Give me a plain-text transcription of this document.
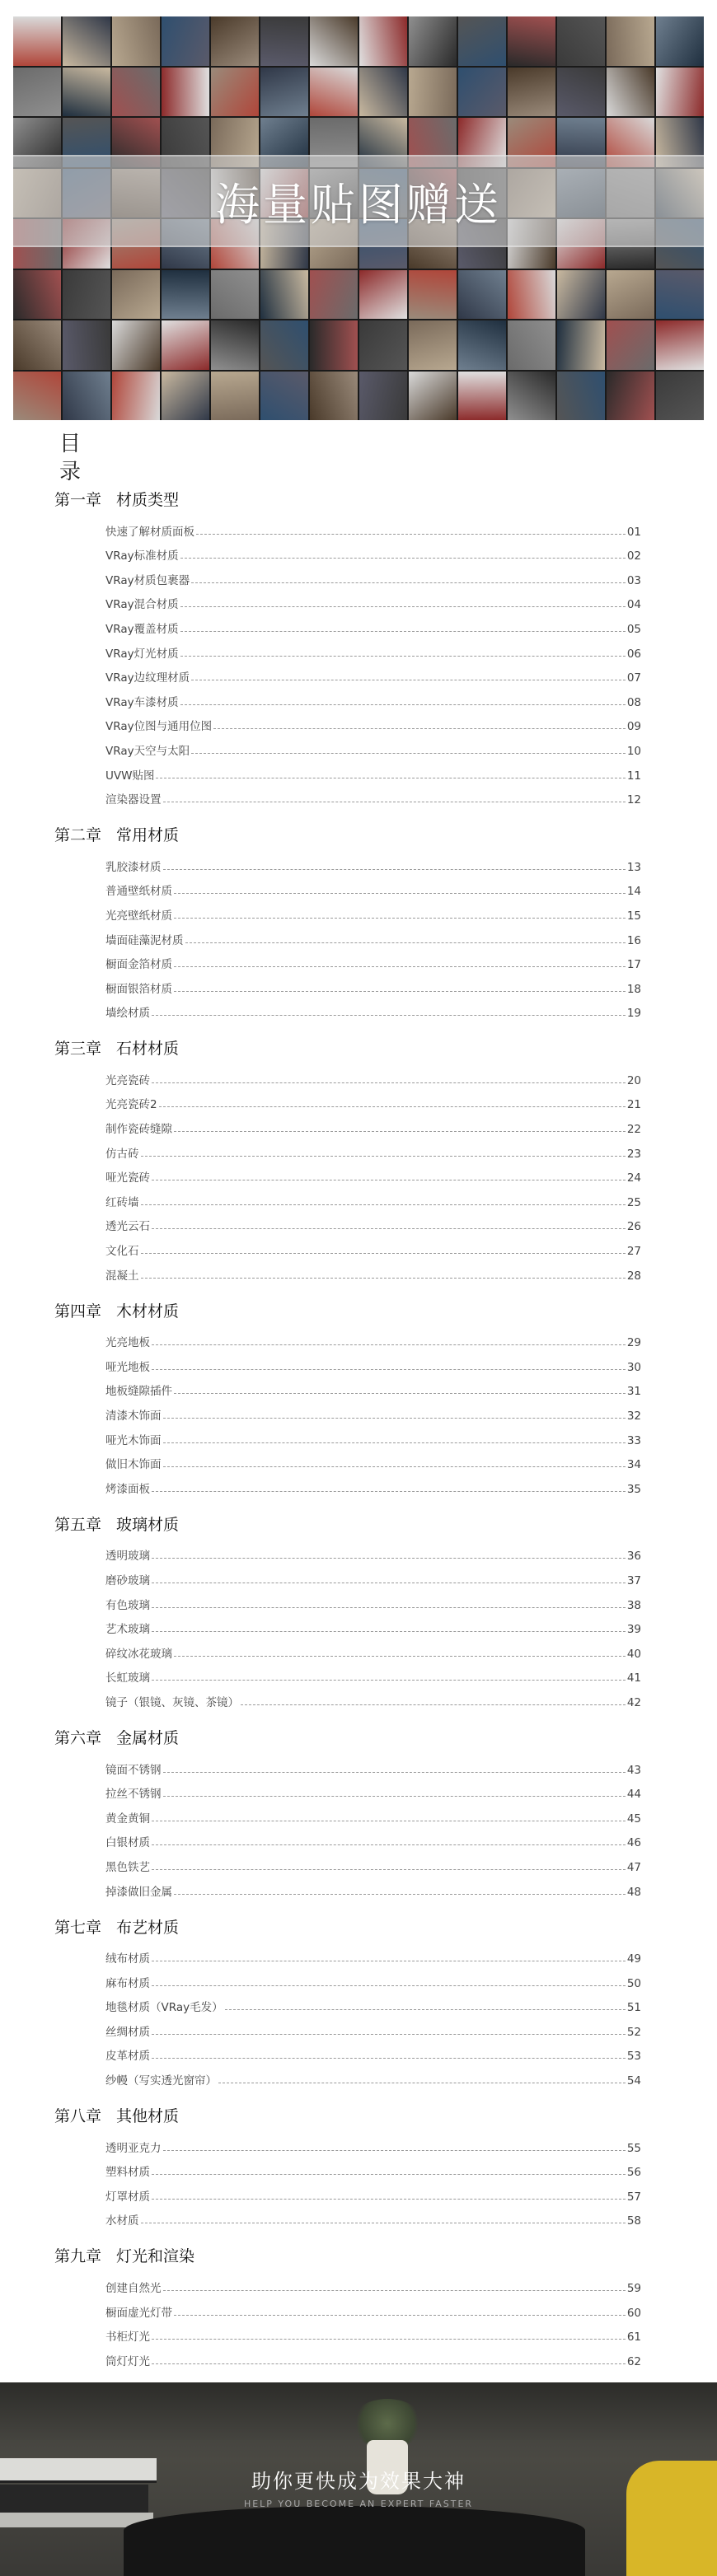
海量贴图赠送
目录
第一章 材质类型
快速了解材质面板	01
VRay标准材质	02
VRay材质包裹器	03
VRay混合材质	04
VRay覆盖材质	05
VRay灯光材质	06
VRay边纹理材质	07
VRay车漆材质	08
VRay位图与通用位图	09
VRay天空与太阳	10
UVW贴图	11
渲染器设置	12
第二章 常用材质
乳胶漆材质	13
普通壁纸材质	14
光亮壁纸材质	15
墙面硅藻泥材质	16
橱面金箔材质	17
橱面银箔材质	18
墙绘材质	19
第三章 石材材质
光亮瓷砖	20
光亮瓷砖2	21
制作瓷砖缝隙	22
仿古砖	23
哑光瓷砖	24
红砖墙	25
透光云石	26
文化石	27
混凝土	28
第四章 木材材质
光亮地板	29
哑光地板	30
地板缝隙插件	31
清漆木饰面	32
哑光木饰面	33
做旧木饰面	34
烤漆面板	35
第五章 玻璃材质
透明玻璃	36
磨砂玻璃	37
有色玻璃	38
艺术玻璃	39
碎纹冰花玻璃	40
长虹玻璃	41
镜子（银镜、灰镜、茶镜）	42
第六章 金属材质
镜面不锈钢	43
拉丝不锈钢	44
黄金黄铜	45
白银材质	46
黑色铁艺	47
掉漆做旧金属	48
第七章 布艺材质
绒布材质	49
麻布材质	50
地毯材质（VRay毛发）	51
丝绸材质	52
皮革材质	53
纱幔（写实透光窗帘）	54
第八章 其他材质
透明亚克力	55
塑料材质	56
灯罩材质	57
水材质	58
第九章 灯光和渲染
创建自然光	59
橱面虚光灯带	60
书柜灯光	61
筒灯灯光	62
助你更快成为效果大神
HELP YOU BECOME AN EXPERT FASTER
